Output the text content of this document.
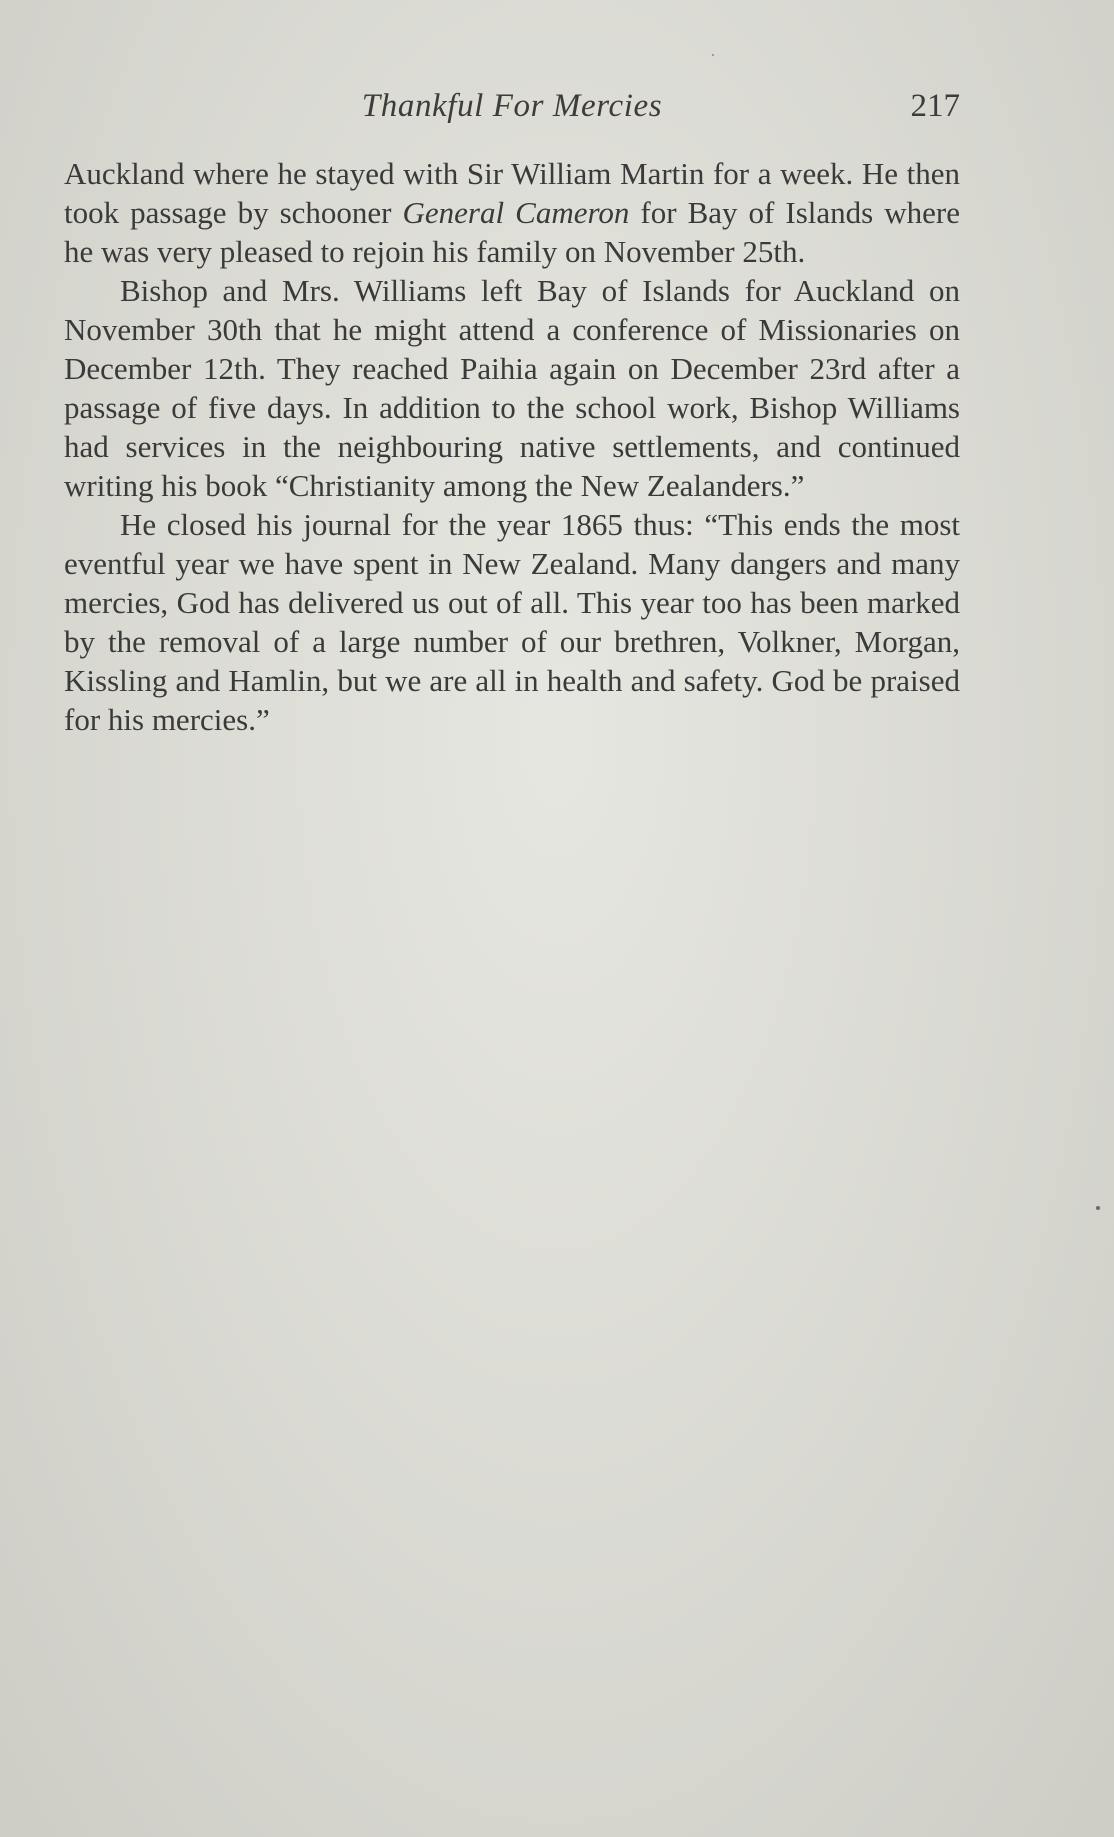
Thankful For Mercies	217

Auckland where he stayed with Sir William Martin for a week. He then took passage by schooner General Cameron for Bay of Islands where he was very pleased to rejoin his family on November 25th.

Bishop and Mrs. Williams left Bay of Islands for Auckland on November 30th that he might attend a conference of Missionaries on December 12th. They reached Paihia again on December 23rd after a passage of five days. In addition to the school work, Bishop Williams had services in the neighbouring native settlements, and continued writing his book “Christianity among the New Zealanders.”

He closed his journal for the year 1865 thus: “This ends the most eventful year we have spent in New Zealand. Many dangers and many mercies, God has delivered us out of all. This year too has been marked by the removal of a large number of our brethren, Volkner, Morgan, Kissling and Hamlin, but we are all in health and safety. God be praised for his mercies.”
